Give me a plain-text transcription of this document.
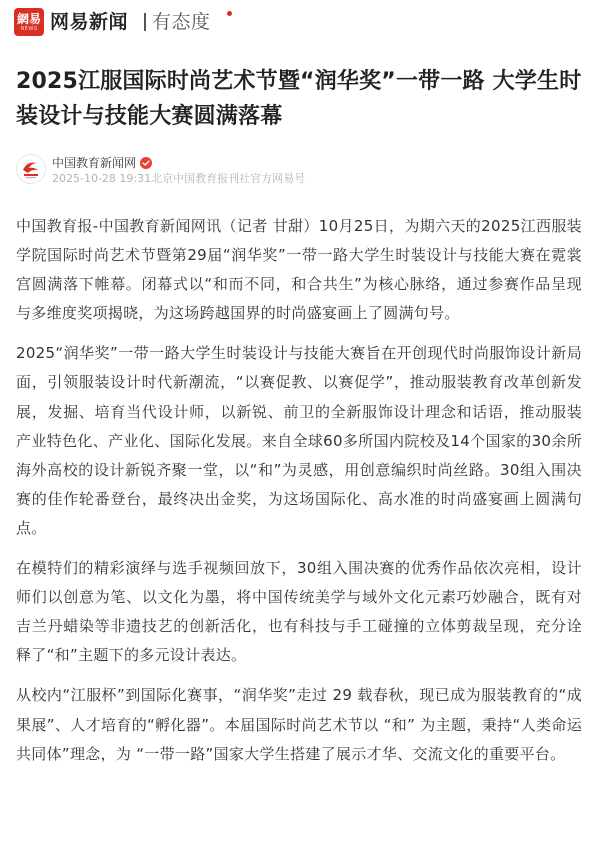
網易
NEWS 网易新闻 有态度
2025江服国际时尚艺术节暨“润华奖”一带一路 大学生时装设计与技能大赛圆满落幕
中国教育新闻网
2025-10-28 19:31北京中国教育报刊社官方网易号

中国教育报-中国教育新闻网讯（记者 甘甜）10月25日，为期六天的2025江西服装学院国际时尚艺术节暨第29届“润华奖”一带一路大学生时装设计与技能大赛在霓裳宫圆满落下帷幕。闭幕式以“和而不同，和合共生”为核心脉络，通过参赛作品呈现与多维度奖项揭晓，为这场跨越国界的时尚盛宴画上了圆满句号。

2025“润华奖”一带一路大学生时装设计与技能大赛旨在开创现代时尚服饰设计新局面，引领服装设计时代新潮流，“以赛促教、以赛促学”，推动服装教育改革创新发展，发掘、培育当代设计师，以新锐、前卫的全新服饰设计理念和话语，推动服装产业特色化、产业化、国际化发展。来自全球60多所国内院校及14个国家的30余所海外高校的设计新锐齐聚一堂，以“和”为灵感，用创意编织时尚丝路。30组入围决赛的佳作轮番登台，最终决出金奖，为这场国际化、高水准的时尚盛宴画上圆满句点。

在模特们的精彩演绎与选手视频回放下，30组入围决赛的优秀作品依次亮相，设计师们以创意为笔、以文化为墨，将中国传统美学与域外文化元素巧妙融合，既有对吉兰丹蜡染等非遗技艺的创新活化，也有科技与手工碰撞的立体剪裁呈现，充分诠释了“和”主题下的多元设计表达。

从校内“江服杯”到国际化赛事，“润华奖”走过 29 载春秋，现已成为服装教育的“成果展”、人才培育的“孵化器”。本届国际时尚艺术节以 “和” 为主题，秉持“人类命运共同体”理念，为 “一带一路”国家大学生搭建了展示才华、交流文化的重要平台。
